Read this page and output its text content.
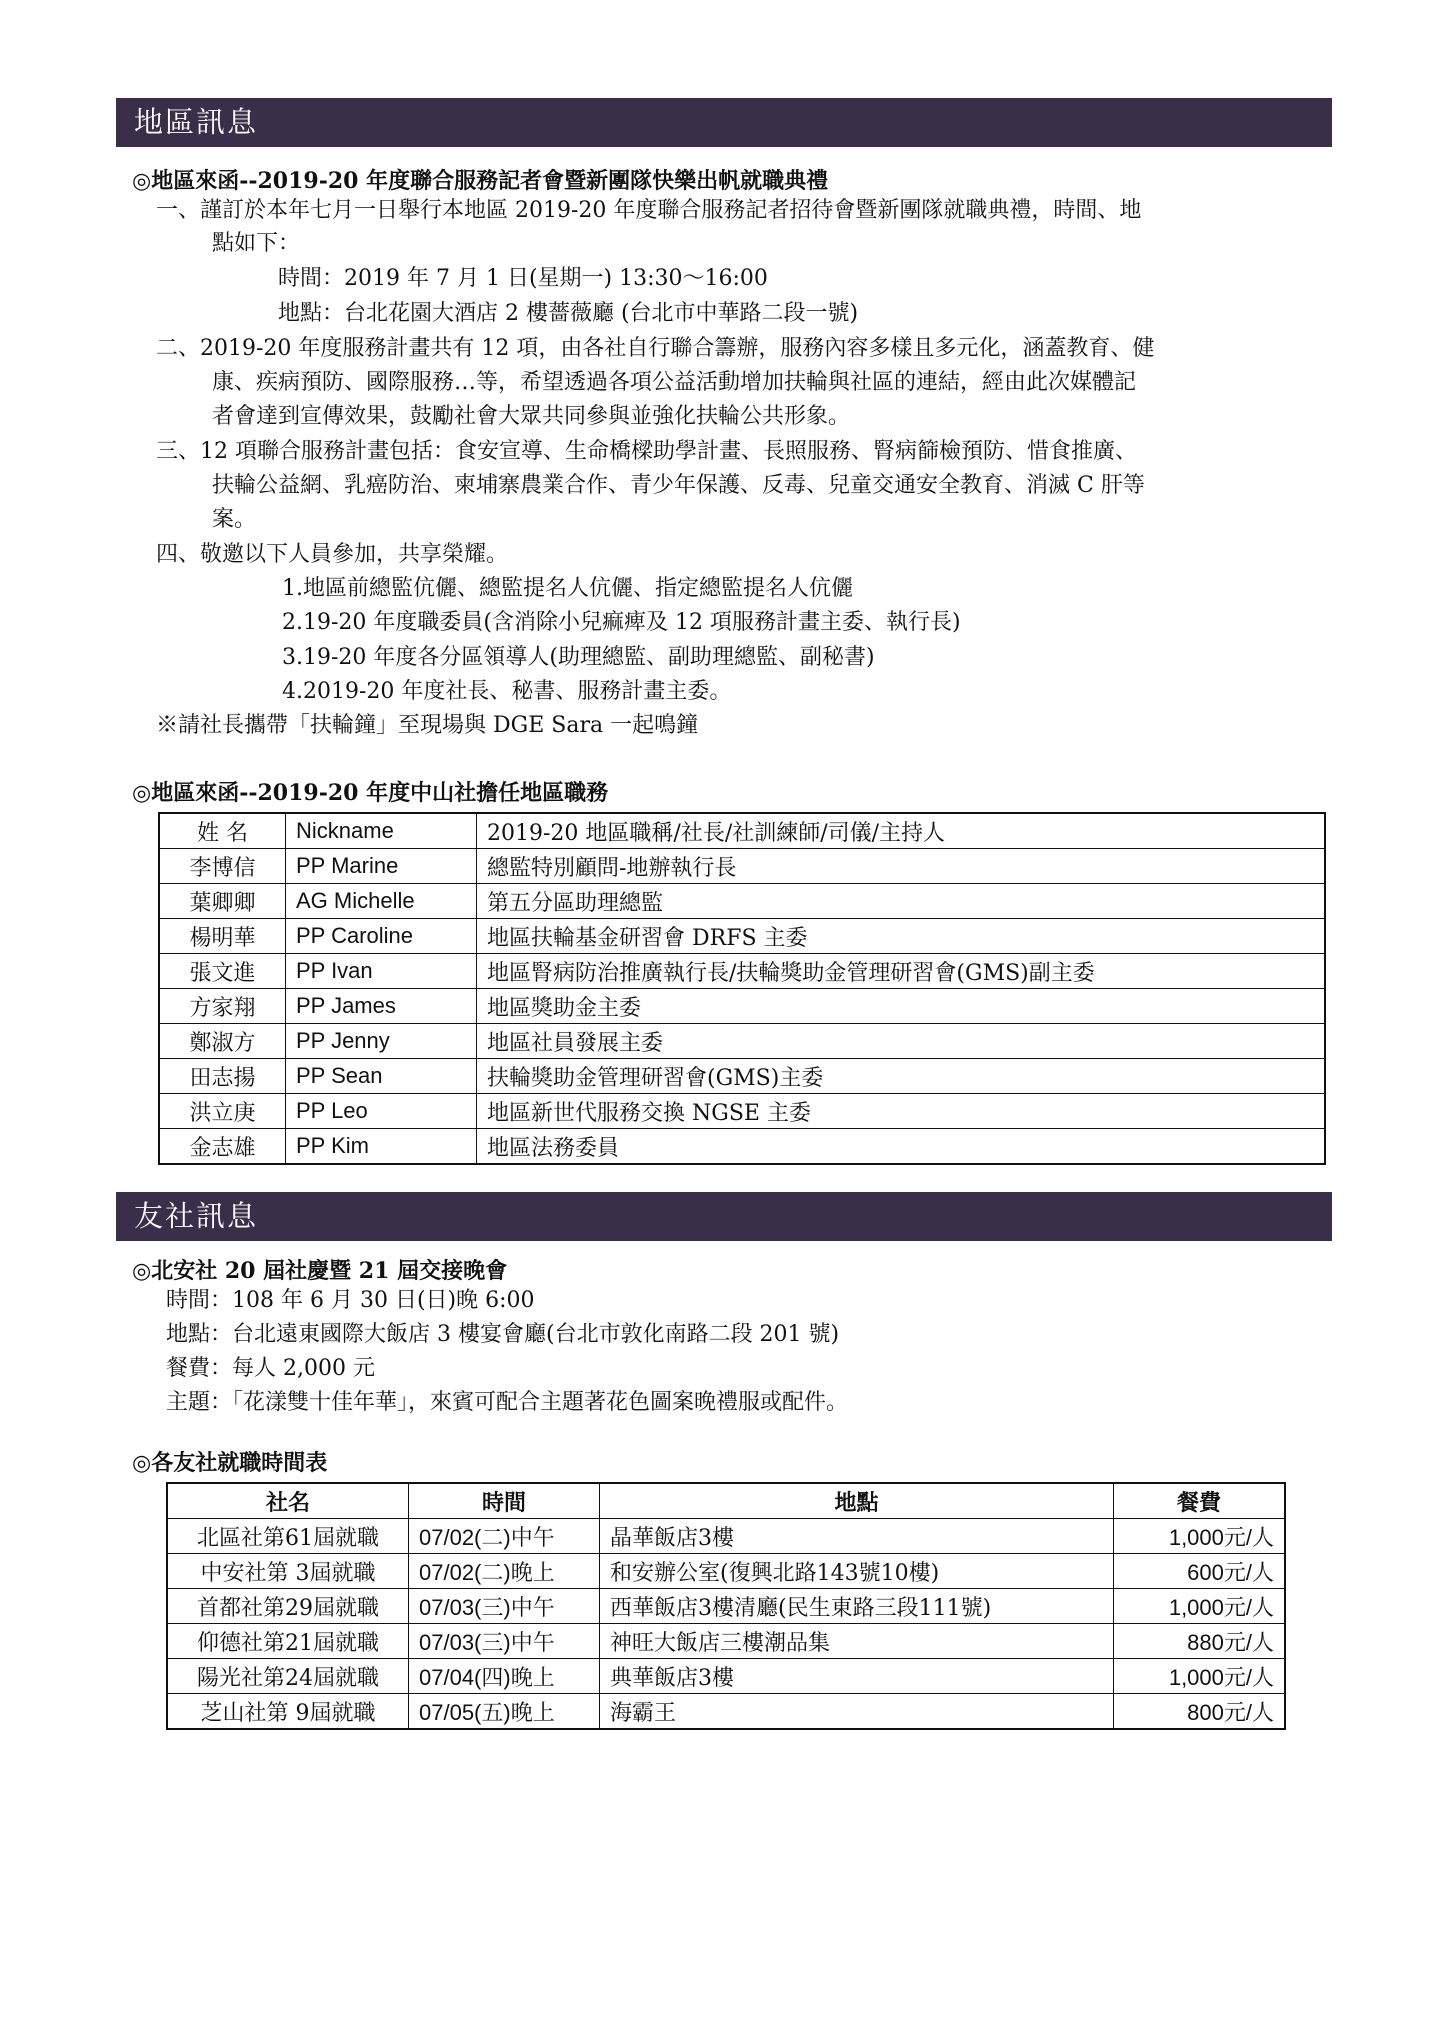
地區訊息
◎地區來函--2019-20 年度聯合服務記者會暨新團隊快樂出帆就職典禮
一、謹訂於本年七月一日舉行本地區 2019-20 年度聯合服務記者招待會暨新團隊就職典禮，時間、地
點如下：
時間：2019 年 7 月 1 日(星期一) 13:30～16:00
地點：台北花園大酒店 2 樓薔薇廳 (台北市中華路二段一號)
二、2019-20 年度服務計畫共有 12 項，由各社自行聯合籌辦，服務內容多樣且多元化，涵蓋教育、健
康、疾病預防、國際服務…等，希望透過各項公益活動增加扶輪與社區的連結，經由此次媒體記
者會達到宣傳效果，鼓勵社會大眾共同參與並強化扶輪公共形象。
三、12 項聯合服務計畫包括：食安宣導、生命橋樑助學計畫、長照服務、腎病篩檢預防、惜食推廣、
扶輪公益網、乳癌防治、柬埔寨農業合作、青少年保護、反毒、兒童交通安全教育、消滅 C 肝等
案。
四、敬邀以下人員參加，共享榮耀。
1.地區前總監伉儷、總監提名人伉儷、指定總監提名人伉儷
2.19-20 年度職委員(含消除小兒痲痺及 12 項服務計畫主委、執行長)
3.19-20 年度各分區領導人(助理總監、副助理總監、副秘書)
4.2019-20 年度社長、秘書、服務計畫主委。
※請社長攜帶「扶輪鐘」至現場與 DGE Sara 一起鳴鐘
◎地區來函--2019-20 年度中山社擔任地區職務
姓 名	Nickname	2019-20 地區職稱/社長/社訓練師/司儀/主持人
李博信	PP Marine	總監特別顧問-地辦執行長
葉卿卿	AG Michelle	第五分區助理總監
楊明華	PP Caroline	地區扶輪基金研習會 DRFS 主委
張文進	PP Ivan	地區腎病防治推廣執行長/扶輪獎助金管理研習會(GMS)副主委
方家翔	PP James	地區獎助金主委
鄭淑方	PP Jenny	地區社員發展主委
田志揚	PP Sean	扶輪獎助金管理研習會(GMS)主委
洪立庚	PP Leo	地區新世代服務交換 NGSE 主委
金志雄	PP Kim	地區法務委員
友社訊息
◎北安社 20 屆社慶暨 21 屆交接晚會
時間：108 年 6 月 30 日(日)晚 6:00
地點：台北遠東國際大飯店 3 樓宴會廳(台北市敦化南路二段 201 號)
餐費：每人 2,000 元
主題：「花漾雙十佳年華」，來賓可配合主題著花色圖案晚禮服或配件。
◎各友社就職時間表
社名	時間	地點	餐費
北區社第61屆就職	07/02(二)中午	晶華飯店3樓	1,000元/人
中安社第 3屆就職	07/02(二)晚上	和安辦公室(復興北路143號10樓)	600元/人
首都社第29屆就職	07/03(三)中午	西華飯店3樓清廳(民生東路三段111號)	1,000元/人
仰德社第21屆就職	07/03(三)中午	神旺大飯店三樓潮品集	880元/人
陽光社第24屆就職	07/04(四)晚上	典華飯店3樓	1,000元/人
芝山社第 9屆就職	07/05(五)晚上	海霸王	800元/人
